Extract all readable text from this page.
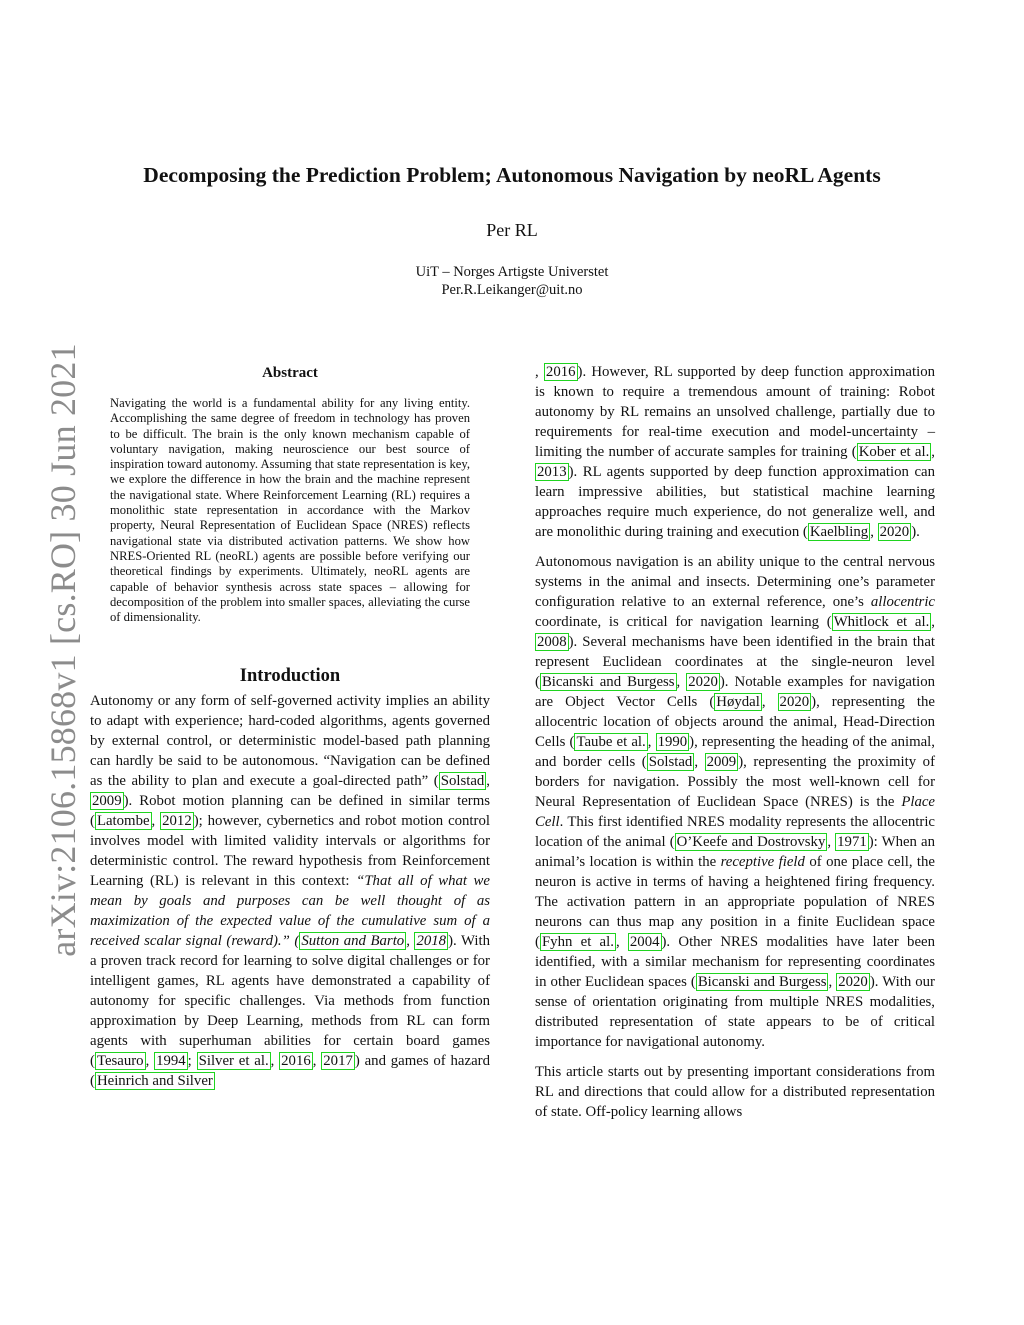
arXiv:2106.15868v1 [cs.RO] 30 Jun 2021
Decomposing the Prediction Problem; Autonomous Navigation by neoRL Agents
Per RL
UiT – Norges Artigste Universtet
Per.R.Leikanger@uit.no
Abstract

Navigating the world is a fundamental ability for any living entity. Accomplishing the same degree of freedom in technology has proven to be difficult. The brain is the only known mechanism capable of voluntary navigation, making neuroscience our best source of inspiration toward autonomy. Assuming that state representation is key, we explore the difference in how the brain and the machine represent the navigational state. Where Reinforcement Learning (RL) requires a monolithic state representation in accordance with the Markov property, Neural Representation of Euclidean Space (NRES) reflects navigational state via distributed activation patterns. We show how NRES-Oriented RL (neoRL) agents are possible before verifying our theoretical findings by experiments. Ultimately, neoRL agents are capable of behavior synthesis across state spaces – allowing for decomposition of the problem into smaller spaces, alleviating the curse of dimensionality.

Introduction

Autonomy or any form of self-governed activity implies an ability to adapt with experience; hard-coded algorithms, agents governed by external control, or deterministic model-based path planning can hardly be said to be autonomous. “Navigation can be defined as the ability to plan and execute a goal-directed path” ( Solstad , 2009 ). Robot motion planning can be defined in similar terms ( Latombe , 2012 ); however, cybernetics and robot motion control involves model with limited validity intervals or algorithms for deterministic control. The reward hypothesis from Reinforcement Learning (RL) is relevant in this context: “That all of what we mean by goals and purposes can be well thought of as maximization of the expected value of the cumulative sum of a received scalar signal (reward).” ( Sutton and Barto , 2018 ). With a proven track record for learning to solve digital challenges or for intelligent games, RL agents have demonstrated a capability of autonomy for specific challenges. Via methods from function approximation by Deep Learning, methods from RL can form agents with superhuman abilities for certain board games ( Tesauro , 1994 ; Silver et al. , 2016 , 2017 ) and games of hazard ( Heinrich and Silver

, 2016 ). However, RL supported by deep function approximation is known to require a tremendous amount of training: Robot autonomy by RL remains an unsolved challenge, partially due to requirements for real-time execution and model-uncertainty – limiting the number of accurate samples for training ( Kober et al. , 2013 ). RL agents supported by deep function approximation can learn impressive abilities, but statistical machine learning approaches require much experience, do not generalize well, and are monolithic during training and execution ( Kaelbling , 2020 ).

Autonomous navigation is an ability unique to the central nervous systems in the animal and insects. Determining one’s parameter configuration relative to an external reference, one’s allocentric coordinate, is critical for navigation learning ( Whitlock et al. , 2008 ). Several mechanisms have been identified in the brain that represent Euclidean coordinates at the single-neuron level ( Bicanski and Burgess , 2020 ). Notable examples for navigation are Object Vector Cells ( Høydal , 2020 ), representing the allocentric location of objects around the animal, Head-Direction Cells ( Taube et al. , 1990 ), representing the heading of the animal, and border cells ( Solstad , 2009 ), representing the proximity of borders for navigation. Possibly the most well-known cell for Neural Representation of Euclidean Space (NRES) is the Place Cell. This first identified NRES modality represents the allocentric location of the animal ( O’Keefe and Dostrovsky , 1971 ): When an animal’s location is within the receptive field of one place cell, the neuron is active in terms of having a heightened firing frequency. The activation pattern in an appropriate population of NRES neurons can thus map any position in a finite Euclidean space ( Fyhn et al. , 2004 ). Other NRES modalities have later been identified, with a similar mechanism for representing coordinates in other Euclidean spaces ( Bicanski and Burgess , 2020 ). With our sense of orientation originating from multiple NRES modalities, distributed representation of state appears to be of critical importance for navigational autonomy.

This article starts out by presenting important considerations from RL and directions that could allow for a distributed representation of state. Off-policy learning allows
